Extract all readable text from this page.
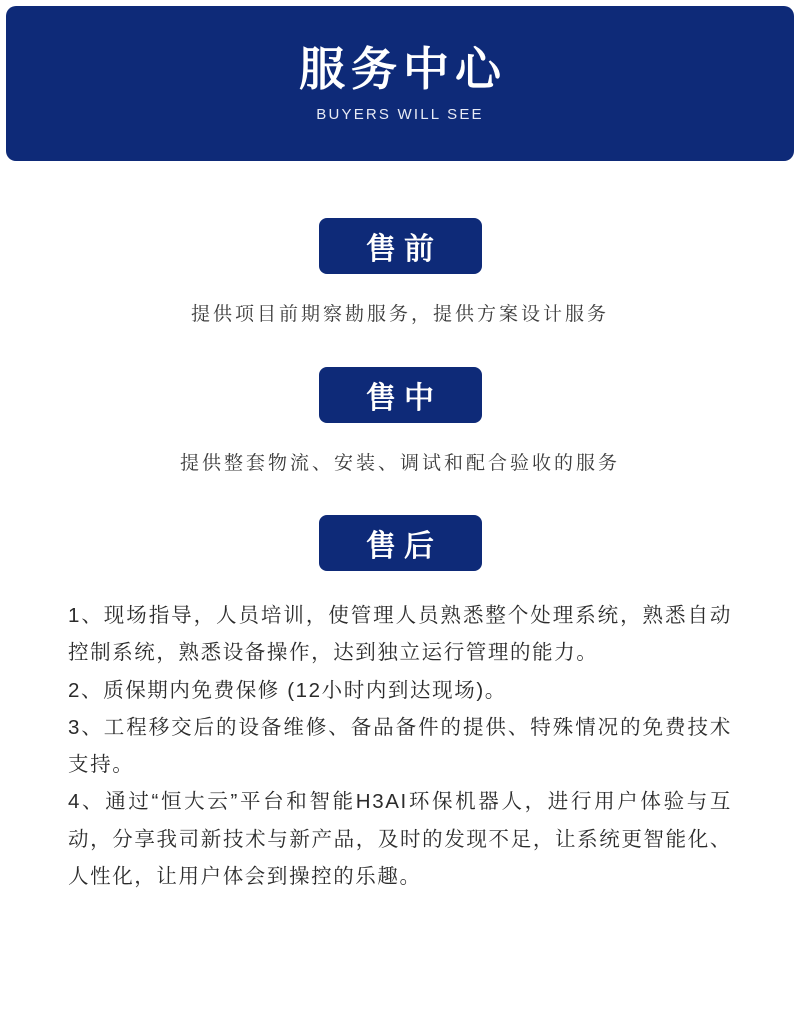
服务中心
BUYERS WILL SEE
售前
提供项目前期察勘服务，提供方案设计服务
售中
提供整套物流、安装、调试和配合验收的服务
售后

1、现场指导，人员培训，使管理人员熟悉整个处理系统，熟悉自动控制系统，熟悉设备操作，达到独立运行管理的能力。

2、质保期内免费保修 (12小时内到达现场)。

3、工程移交后的设备维修、备品备件的提供、特殊情况的免费技术支持。

4、通过“恒大云”平台和智能H3AI环保机器人，进行用户体验与互动，分享我司新技术与新产品，及时的发现不足，让系统更智能化、人性化，让用户体会到操控的乐趣。
